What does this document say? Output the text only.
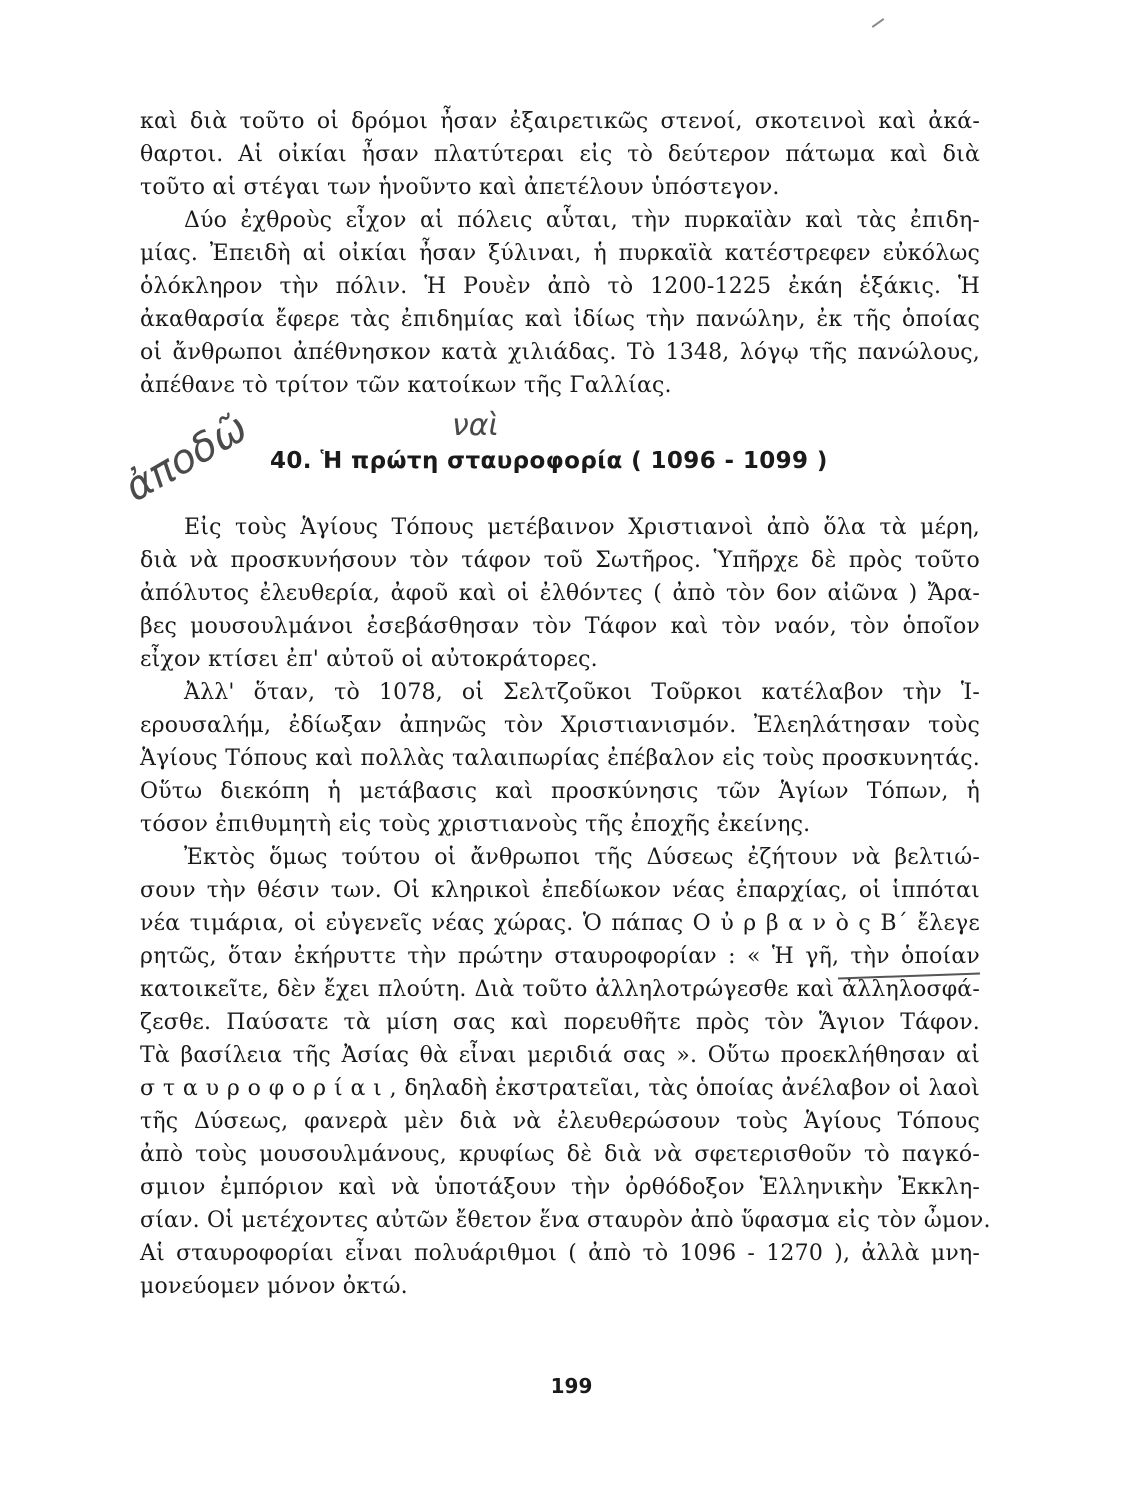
καὶ διὰ τοῦτο οἱ δρόμοι ἦσαν ἐξαιρετικῶς στενοί, σκοτεινοὶ καὶ ἀκά-
θαρτοι. Αἱ οἰκίαι ἦσαν πλατύτεραι εἰς τὸ δεύτερον πάτωμα καὶ διὰ
τοῦτο αἱ στέγαι των ἡνοῦντο καὶ ἀπετέλουν ὑπόστεγον.
Δύο ἐχθροὺς εἶχον αἱ πόλεις αὗται, τὴν πυρκαϊὰν καὶ τὰς ἐπιδη-
μίας. Ἐπειδὴ αἱ οἰκίαι ἦσαν ξύλιναι, ἡ πυρκαϊὰ κατέστρεφεν εὐκόλως
ὁλόκληρον τὴν πόλιν. Ἡ Ρουὲν ἀπὸ τὸ 1200-1225 ἐκάη ἑξάκις. Ἡ
ἀκαθαρσία ἔφερε τὰς ἐπιδημίας καὶ ἰδίως τὴν πανώλην, ἐκ τῆς ὁποίας
οἱ ἄνθρωποι ἀπέθνησκον κατὰ χιλιάδας. Τὸ 1348, λόγῳ τῆς πανώλους,
ἀπέθανε τὸ τρίτον τῶν κατοίκων τῆς Γαλλίας.
ναὶ
ἀποδῶ 40. Ἡ πρώτη σταυροφορία ( 1096 - 1099 )
Εἰς τοὺς Ἁγίους Τόπους μετέβαινον Χριστιανοὶ ἀπὸ ὅλα τὰ μέρη,
διὰ νὰ προσκυνήσουν τὸν τάφον τοῦ Σωτῆρος. Ὑπῆρχε δὲ πρὸς τοῦτο
ἀπόλυτος ἐλευθερία, ἀφοῦ καὶ οἱ ἐλθόντες ( ἀπὸ τὸν 6ον αἰῶνα ) Ἄρα-
βες μουσουλμάνοι ἐσεβάσθησαν τὸν Τάφον καὶ τὸν ναόν, τὸν ὁποῖον
εἶχον κτίσει ἐπ' αὐτοῦ οἱ αὐτοκράτορες.
Ἀλλ' ὅταν, τὸ 1078, οἱ Σελτζοῦκοι Τοῦρκοι κατέλαβον τὴν Ἱ-
ερουσαλήμ, ἐδίωξαν ἀπηνῶς τὸν Χριστιανισμόν. Ἐλεηλάτησαν τοὺς
Ἁγίους Τόπους καὶ πολλὰς ταλαιπωρίας ἐπέβαλον εἰς τοὺς προσκυνητάς.
Οὕτω διεκόπη ἡ μετάβασις καὶ προσκύνησις τῶν Ἁγίων Τόπων, ἡ
τόσον ἐπιθυμητὴ εἰς τοὺς χριστιανοὺς τῆς ἐποχῆς ἐκείνης.
Ἐκτὸς ὅμως τούτου οἱ ἄνθρωποι τῆς Δύσεως ἐζήτουν νὰ βελτιώ-
σουν τὴν θέσιν των. Οἱ κληρικοὶ ἐπεδίωκον νέας ἐπαρχίας, οἱ ἱππόται
νέα τιμάρια, οἱ εὐγενεῖς νέας χώρας. Ὁ πάπας Ο ὐ ρ β α ν ὸ ς Β΄ ἔλεγε
ρητῶς, ὅταν ἐκήρυττε τὴν πρώτην σταυροφορίαν : « Ἡ γῆ, τὴν ὁποίαν
κατοικεῖτε, δὲν ἔχει πλούτη. Διὰ τοῦτο ἀλληλοτρώγεσθε καὶ ἀλληλοσφά-
ζεσθε. Παύσατε τὰ μίση σας καὶ πορευθῆτε πρὸς τὸν Ἅγιον Τάφον.
Τὰ βασίλεια τῆς Ἀσίας θὰ εἶναι μεριδιά σας ». Οὕτω προεκλήθησαν αἱ
σ τ α υ ρ ο φ ο ρ ί α ι , δηλαδὴ ἐκστρατεῖαι, τὰς ὁποίας ἀνέλαβον οἱ λαοὶ
τῆς Δύσεως, φανερὰ μὲν διὰ νὰ ἐλευθερώσουν τοὺς Ἁγίους Τόπους
ἀπὸ τοὺς μουσουλμάνους, κρυφίως δὲ διὰ νὰ σφετερισθοῦν τὸ παγκό-
σμιον ἐμπόριον καὶ νὰ ὑποτάξουν τὴν ὀρθόδοξον Ἑλληνικὴν Ἐκκλη-
σίαν. Οἱ μετέχοντες αὐτῶν ἔθετον ἕνα σταυρὸν ἀπὸ ὕφασμα εἰς τὸν ὦμον.
Αἱ σταυροφορίαι εἶναι πολυάριθμοι ( ἀπὸ τὸ 1096 - 1270 ), ἀλλὰ μνη-
μονεύομεν μόνον ὀκτώ.
199
